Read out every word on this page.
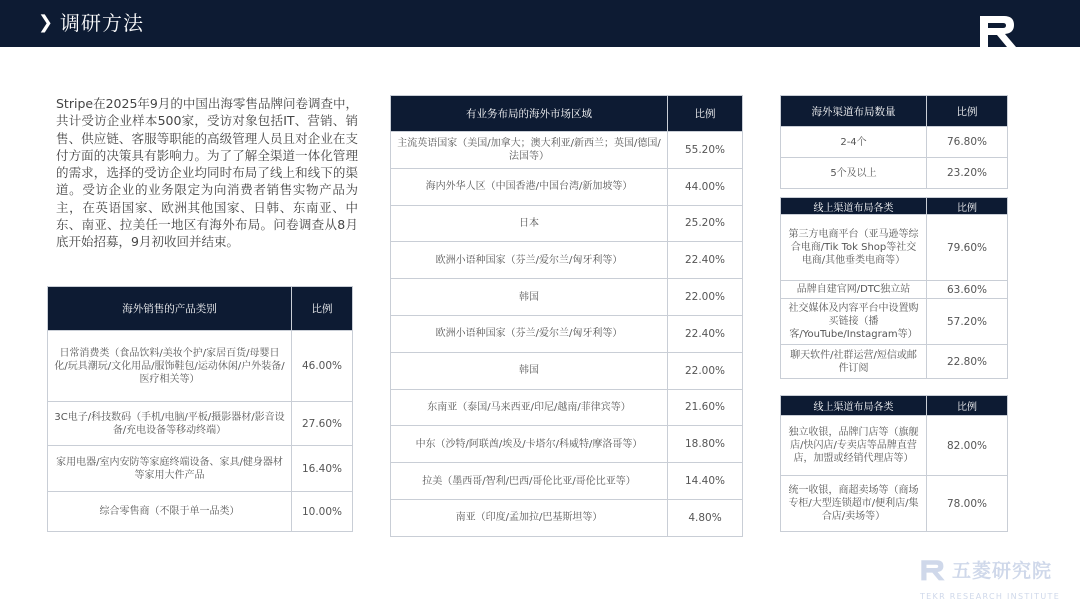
❯ 调研方法

Stripe在2025年9月的中国出海零售品牌问卷调查中，共计受访企业样本500家，受访对象包括IT、营销、销售、供应链、客服等职能的高级管理人员且对企业在支付方面的决策具有影响力。为了了解全渠道一体化管理的需求，选择的受访企业均同时布局了线上和线下的渠道。受访企业的业务限定为向消费者销售实物产品为主，在英语国家、欧洲其他国家、日韩、东南亚、中东、南亚、拉美任一地区有海外布局。问卷调查从8月底开始招募，9月初收回并结束。

海外销售的产品类别	比例
日常消费类（食品饮料/美妆个护/家居百货/母婴日化/玩具潮玩/文化用品/服饰鞋包/运动休闲/户外装备/医疗相关等）	46.00%
3C电子/科技数码（手机/电脑/平板/摄影器材/影音设备/充电设备等移动终端）	27.60%
家用电器/室内安防等家庭终端设备、家具/健身器材等家用大件产品	16.40%
综合零售商（不限于单一品类）	10.00%
有业务布局的海外市场区域	比例
主流英语国家（美国/加拿大；澳大利亚/新西兰；英国/德国/法国等）	55.20%
海内外华人区（中国香港/中国台湾/新加坡等）	44.00%
日本	25.20%
欧洲小语种国家（芬兰/爱尔兰/匈牙利等）	22.40%
韩国	22.00%
欧洲小语种国家（芬兰/爱尔兰/匈牙利等）	22.40%
韩国	22.00%
东南亚（泰国/马来西亚/印尼/越南/菲律宾等）	21.60%
中东（沙特/阿联酋/埃及/卡塔尔/科威特/摩洛哥等）	18.80%
拉美（墨西哥/智利/巴西/哥伦比亚/哥伦比亚等）	14.40%
南亚（印度/孟加拉/巴基斯坦等）	4.80%
海外渠道布局数量	比例
2-4个	76.80%
5个及以上	23.20%
线上渠道布局各类	比例
第三方电商平台（亚马逊等综合电商/Tik Tok Shop等社交电商/其他垂类电商等）	79.60%
品牌自建官网/DTC独立站	63.60%
社交媒体及内容平台中设置购买链接（播客/YouTube/Instagram等）	57.20%
聊天软件/社群运营/短信或邮件订阅	22.80%
线上渠道布局各类	比例
独立收银，品牌门店等（旗舰店/快闪店/专卖店等品牌直营店，加盟或经销代理店等）	82.00%
统一收银，商超卖场等（商场专柜/大型连锁超市/便利店/集合店/卖场等）	78.00%
五菱研究院
TEKR RESEARCH INSTITUTE
